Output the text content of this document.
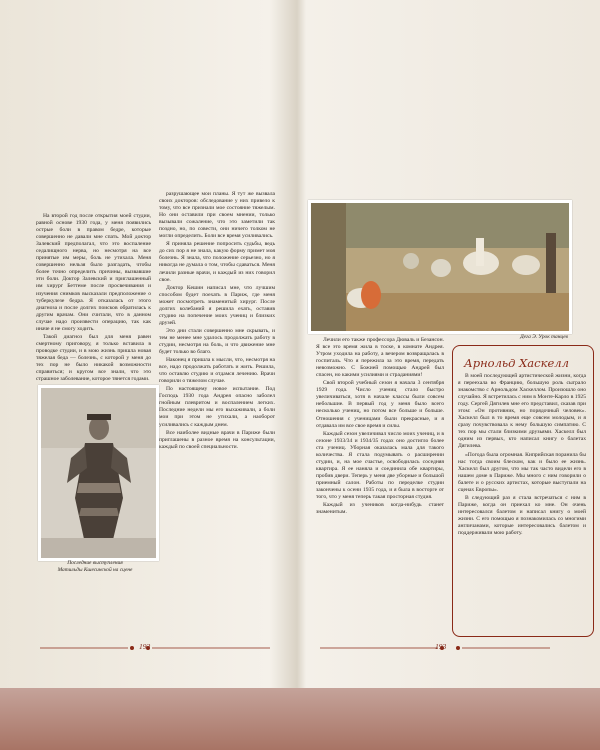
На второй год после открытия моей студии, равной основе 1930 года, у меня появились острые боли в правом бедре, которые совершенно не давали мне спать. Мой доктор Залевский предполагал, что это воспаление седалищного нерва, но несмотря на все принятые им меры, боль не утихала. Меня совершенно нельзя было разгадать, чтобы более точно определить причины, вызвавшие эти боли. Доктор Залевский и приглашенный им хирург Беттеме после просвечивания и изучения снимков высказали предположение о туберкулезе бедра. Я отказалась от этого диагноза и после долгих поисков обратилась к другим врачам. Они считали, что в данном случае надо произвести операцию, так как иначе я не смогу ходить.

Такой диагноз был для меня равен смертному приговору, я только вставила в проводке студии, и в мою жизнь пришла новая тяжелая беда — болезнь, с которой у меня до тех пор не было никакой возможности справиться; и кругом все знали, что это страшное заболевание, которое тянется годами.

разрушающее мои планы. Я тут же вызвала своих докторов: обследование у них привело к тому, что все признали мое состояние тяжелым. Но они оставили при своем мнении, только вызывали сожаление, что это заметили так поздно, но, по совести, они ничего толком не могли определить. Боли все время усиливались.

Я приняла решение попросить судьбы, ведь до сих пор я не знала, какую форму примет моя болезнь. Я знала, что положение серьезно, но я никогда не думала о том, чтобы сдаваться. Меня лечили разные врачи, и каждый из них говорил свое.

Доктор Кешин написал мне, что лучшим способом будет поехать в Париж, где меня может посмотреть знаменитый хирург. После долгих колебаний я решила ехать, оставив студию на попечение моих учениц и близких друзей.

Это дни стали совершенно мне скрывать, и тем не менее мне удалось продолжать работу в студии, несмотря на боль, и что движение мне будет только во благо.

Наконец я пришла к мысли, что, несмотря на все, надо продолжать работать и жить. Решила, что оставлю студию и отдамся лечению. Врачи говорили о тяжелом случае.

По настоящему новое испытание. Под Господь 1930 года Андрея опасно заболел гнойным плевритом и воспалением легких. Последние недели мы его выхаживали, а боли мои при этом не утихали, а наоборот усиливались с каждым днем.

Все наиболее видные врачи в Париже были приглашены в разное время на консультации, каждый по своей специальности.

Последние выступления
Матильды Кшесинской на сцене
192
Дега Э. Урок танцев
Арнольд Хаскелл

Лечили его также профессора Дюваль и Безансон. Я все это время жила в тоске, в комнате Андрея. Утром уходила на работу, а вечером возвращалась в госпиталь. Что я пережила за это время, передать невозможно. С Божией помощью Андрей был спасен, но какими усилиями и страданиями!

Свой второй учебный сезон я начала 3 сентября 1929 года. Число учениц стало быстро увеличиваться, хотя в начале классы были совсем небольшие. В первый год у меня было всего несколько учениц, но потом все больше и больше. Отношения с ученицами были прекрасные, и я отдавала им все свое время и силы.

Каждый сезон увеличивал число моих учениц, и в сезоне 1933/34 и 1934/35 годах оно достигло более ста учениц. Уборная оказалась мала для такого количества. Я стала подумывать о расширении студии, и, на мое счастье, освободилась соседняя квартира. Я ее наняла и соединила обе квартиры, пробив двери. Теперь у меня две уборные и большой приемный салон. Работы по переделке студии закончены к осени 1935 года, и я была в восторге от того, что у меня теперь такая просторная студия.

Каждый из учеников когда-нибудь станет знаменитым.

В моей последующей артистической жизни, когда я переехала во Францию, большую роль сыграло знакомство с Арнольдом Хаскеллом. Произошло оно случайно. Я встретилась с ним в Монте-Карло в 1925 году. Сергей Дягилев мне его представил, сказав при этом: «Он противник, но порядочный человек». Хаскелл был в то время еще совсем молодым, и я сразу почувствовала к нему большую симпатию. С тех пор мы стали близкими друзьями. Хаскелл был одним из первых, кто написал книгу о балетах Дягилева.

«Погода была огромная. Киприйская поранила бы нас тогда своим блеском, как и было ее жизнь. Хаскелл был другом, что мы так часто видели его в нашем доме в Париже. Мы много с ним говорили о балете и о русских артистах, которые выступали на сценах Европы».

В следующий раз я стала встречаться с ним в Париже, когда он приехал ко мне. Он очень интересовался балетом и написал книгу о моей жизни. С его помощью я познакомилась со многими англичанами, которые интересовались балетом и поддерживали мою работу.

193
